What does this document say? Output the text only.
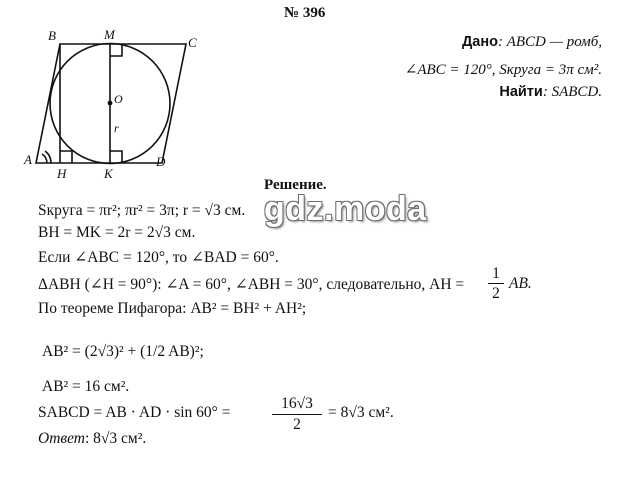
B	M
C
O
r
A
H	K
D
№ 396
Дано: ABCD — ромб,
∠ABC = 120°, Sкруга = 3π см².
Найти: SABCD.
Решение.
Sкруга = πr²; πr² = 3π; r = √3 см.
BH = MK = 2r = 2√3 см.
Если ∠ABC = 120°, то ∠BAD = 60°.
ΔABH (∠H = 90°): ∠A = 60°, ∠ABH = 30°, следовательно, AH =
1
2
AB.
По теореме Пифагора: AB² = BH² + AH²;
AB² = (2√3)² + (1/2 AB)²;
AB² = 16 см².
SABCD = AB · AD · sin 60° =
16√3
2
= 8√3 см².
Ответ: 8√3 см².
gdz.moda
